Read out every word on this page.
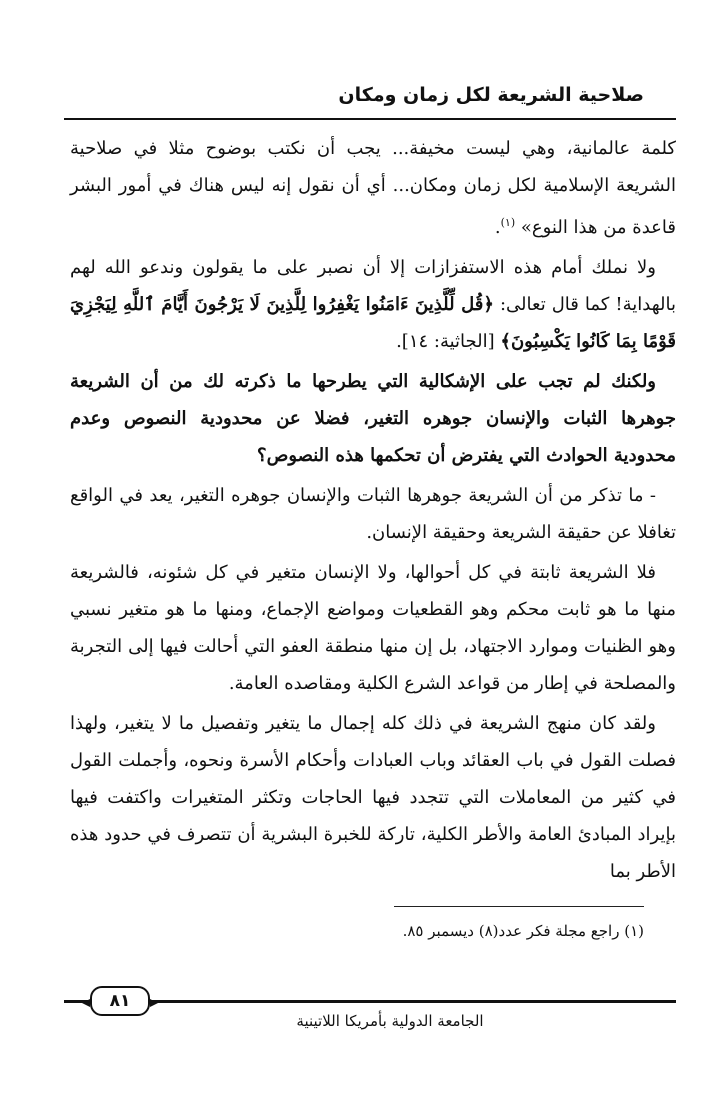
صلاحية الشريعة لكل زمان ومكان

كلمة عالمانية، وهي ليست مخيفة... يجب أن نكتب بوضوح مثلا في صلاحية الشريعة الإسلامية لكل زمان ومكان... أي أن نقول إنه ليس هناك في أمور البشر قاعدة من هذا النوع» $^{(١)}$.

ولا نملك أمام هذه الاستفزازات إلا أن نصبر على ما يقولون وندعو الله لهم بالهداية! كما قال تعالى: ﴿قُل لِّلَّذِينَ ءَامَنُوا يَغْفِرُوا لِلَّذِينَ لَا يَرْجُونَ أَيَّامَ ٱللَّهِ لِيَجْزِيَ قَوْمًا بِمَا كَانُوا يَكْسِبُونَ﴾ [الجاثية: ١٤].

ولكنك لم تجب على الإشكالية التي يطرحها ما ذكرته لك من أن الشريعة جوهرها الثبات والإنسان جوهره التغير، فضلا عن محدودية النصوص وعدم محدودية الحوادث التي يفترض أن تحكمها هذه النصوص؟

- ما تذكر من أن الشريعة جوهرها الثبات والإنسان جوهره التغير، يعد في الواقع تغافلا عن حقيقة الشريعة وحقيقة الإنسان.

فلا الشريعة ثابتة في كل أحوالها، ولا الإنسان متغير في كل شئونه، فالشريعة منها ما هو ثابت محكم وهو القطعيات ومواضع الإجماع، ومنها ما هو متغير نسبي وهو الظنيات وموارد الاجتهاد، بل إن منها منطقة العفو التي أحالت فيها إلى التجربة والمصلحة في إطار من قواعد الشرع الكلية ومقاصده العامة.

ولقد كان منهج الشريعة في ذلك كله إجمال ما يتغير وتفصيل ما لا يتغير، ولهذا فصلت القول في باب العقائد وباب العبادات وأحكام الأسرة ونحوه، وأجملت القول في كثير من المعاملات التي تتجدد فيها الحاجات وتكثر المتغيرات واكتفت فيها بإيراد المبادئ العامة والأطر الكلية، تاركة للخبرة البشرية أن تتصرف في حدود هذه الأطر بما

(١) راجع مجلة فكر عدد(٨) ديسمبر ٨٥.
٨١
الجامعة الدولية بأمريكا اللاتينية
